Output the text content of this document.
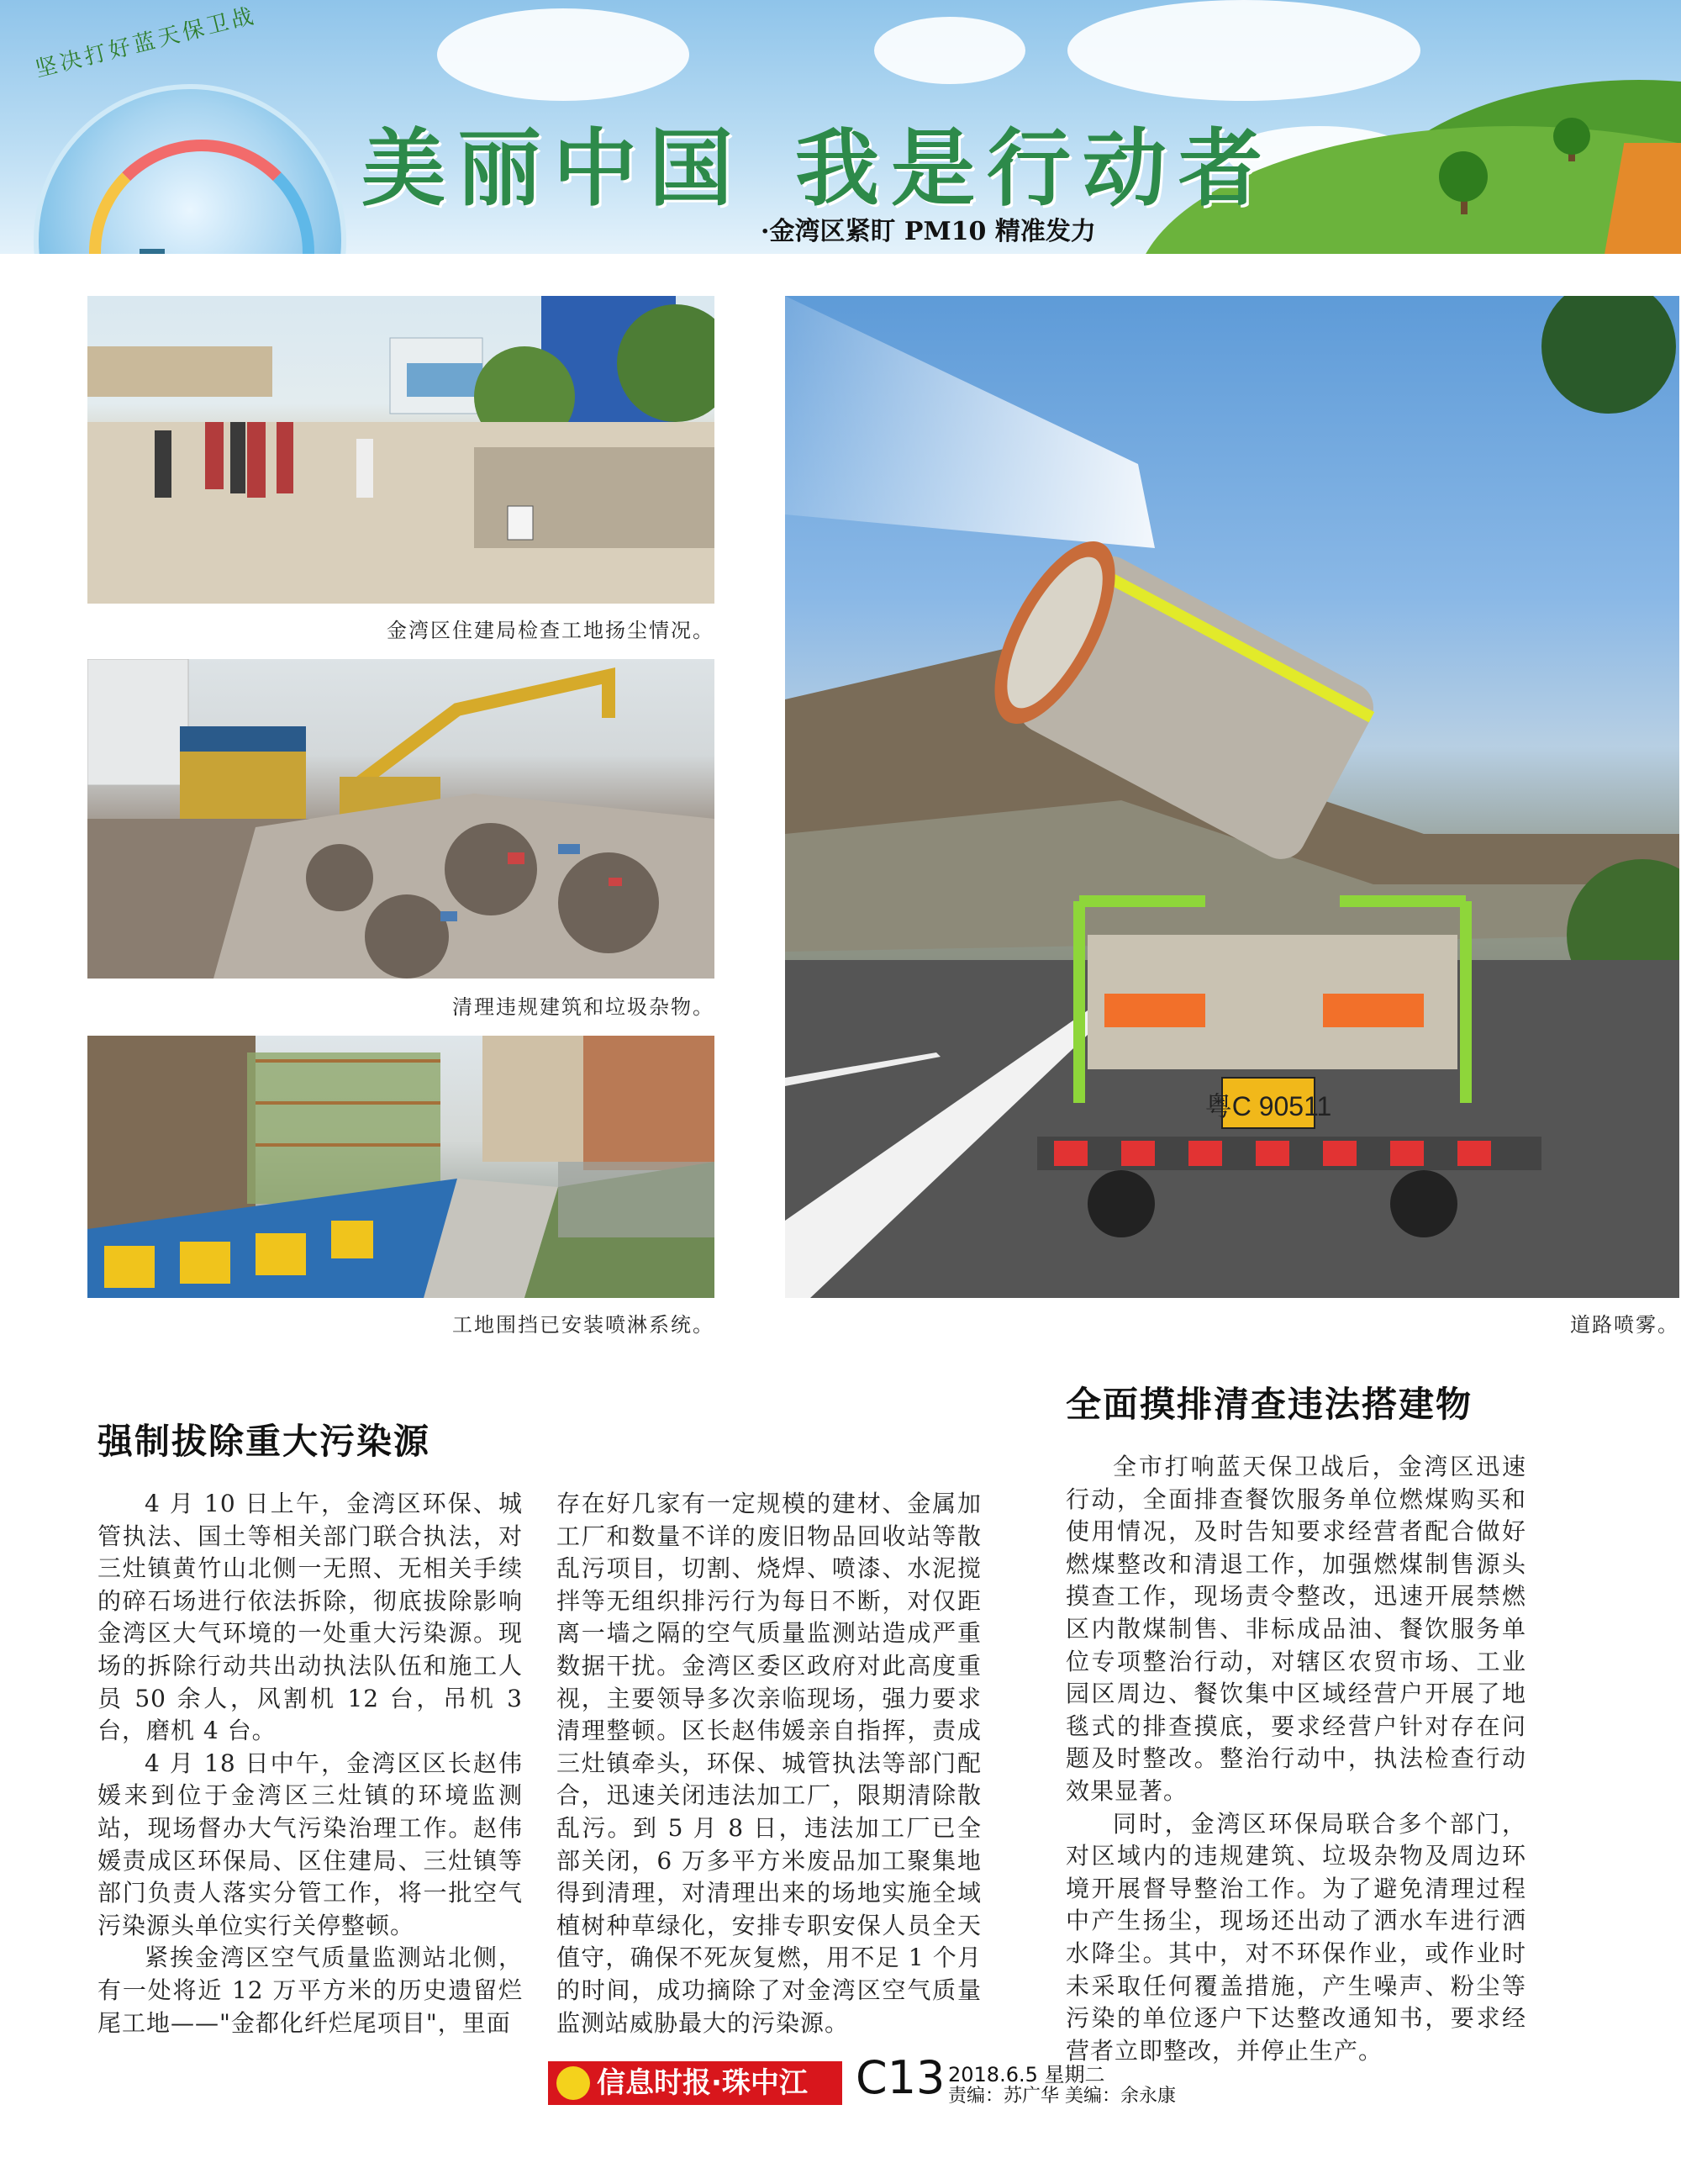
坚决打好蓝天保卫战
美丽中国 我是行动者
·金湾区紧盯 PM10 精准发力
金湾区住建局检查工地扬尘情况。
清理违规建筑和垃圾杂物。
工地围挡已安装喷淋系统。
粤C 90511
道路喷雾。
强制拔除重大污染源

4 月 10 日上午，金湾区环保、城管执法、国土等相关部门联合执法，对三灶镇黄竹山北侧一无照、无相关手续的碎石场进行依法拆除，彻底拔除影响金湾区大气环境的一处重大污染源。现场的拆除行动共出动执法队伍和施工人员 50 余人，风割机 12 台，吊机 3 台，磨机 4 台。

4 月 18 日中午，金湾区区长赵伟媛来到位于金湾区三灶镇的环境监测站，现场督办大气污染治理工作。赵伟媛责成区环保局、区住建局、三灶镇等部门负责人落实分管工作，将一批空气污染源头单位实行关停整顿。

紧挨金湾区空气质量监测站北侧，有一处将近 12 万平方米的历史遗留烂尾工地——"金都化纤烂尾项目"，里面

存在好几家有一定规模的建材、金属加工厂和数量不详的废旧物品回收站等散乱污项目，切割、烧焊、喷漆、水泥搅拌等无组织排污行为每日不断，对仅距离一墙之隔的空气质量监测站造成严重数据干扰。金湾区委区政府对此高度重视，主要领导多次亲临现场，强力要求清理整顿。区长赵伟媛亲自指挥，责成三灶镇牵头，环保、城管执法等部门配合，迅速关闭违法加工厂，限期清除散乱污。到 5 月 8 日，违法加工厂已全部关闭，6 万多平方米废品加工聚集地得到清理，对清理出来的场地实施全域植树种草绿化，安排专职安保人员全天值守，确保不死灰复燃，用不足 1 个月的时间，成功摘除了对金湾区空气质量监测站威胁最大的污染源。

全面摸排清查违法搭建物

全市打响蓝天保卫战后，金湾区迅速行动，全面排查餐饮服务单位燃煤购买和使用情况，及时告知要求经营者配合做好燃煤整改和清退工作，加强燃煤制售源头摸查工作，现场责令整改，迅速开展禁燃区内散煤制售、非标成品油、餐饮服务单位专项整治行动，对辖区农贸市场、工业园区周边、餐饮集中区域经营户开展了地毯式的排查摸底，要求经营户针对存在问题及时整改。整治行动中，执法检查行动效果显著。

同时，金湾区环保局联合多个部门，对区域内的违规建筑、垃圾杂物及周边环境开展督导整治工作。为了避免清理过程中产生扬尘，现场还出动了洒水车进行洒水降尘。其中，对不环保作业，或作业时未采取任何覆盖措施，产生噪声、粉尘等污染的单位逐户下达整改通知书，要求经营者立即整改，并停止生产。

信息时报·珠中江	C13 2018.6.5 星期二
责编：苏广华 美编：余永康
